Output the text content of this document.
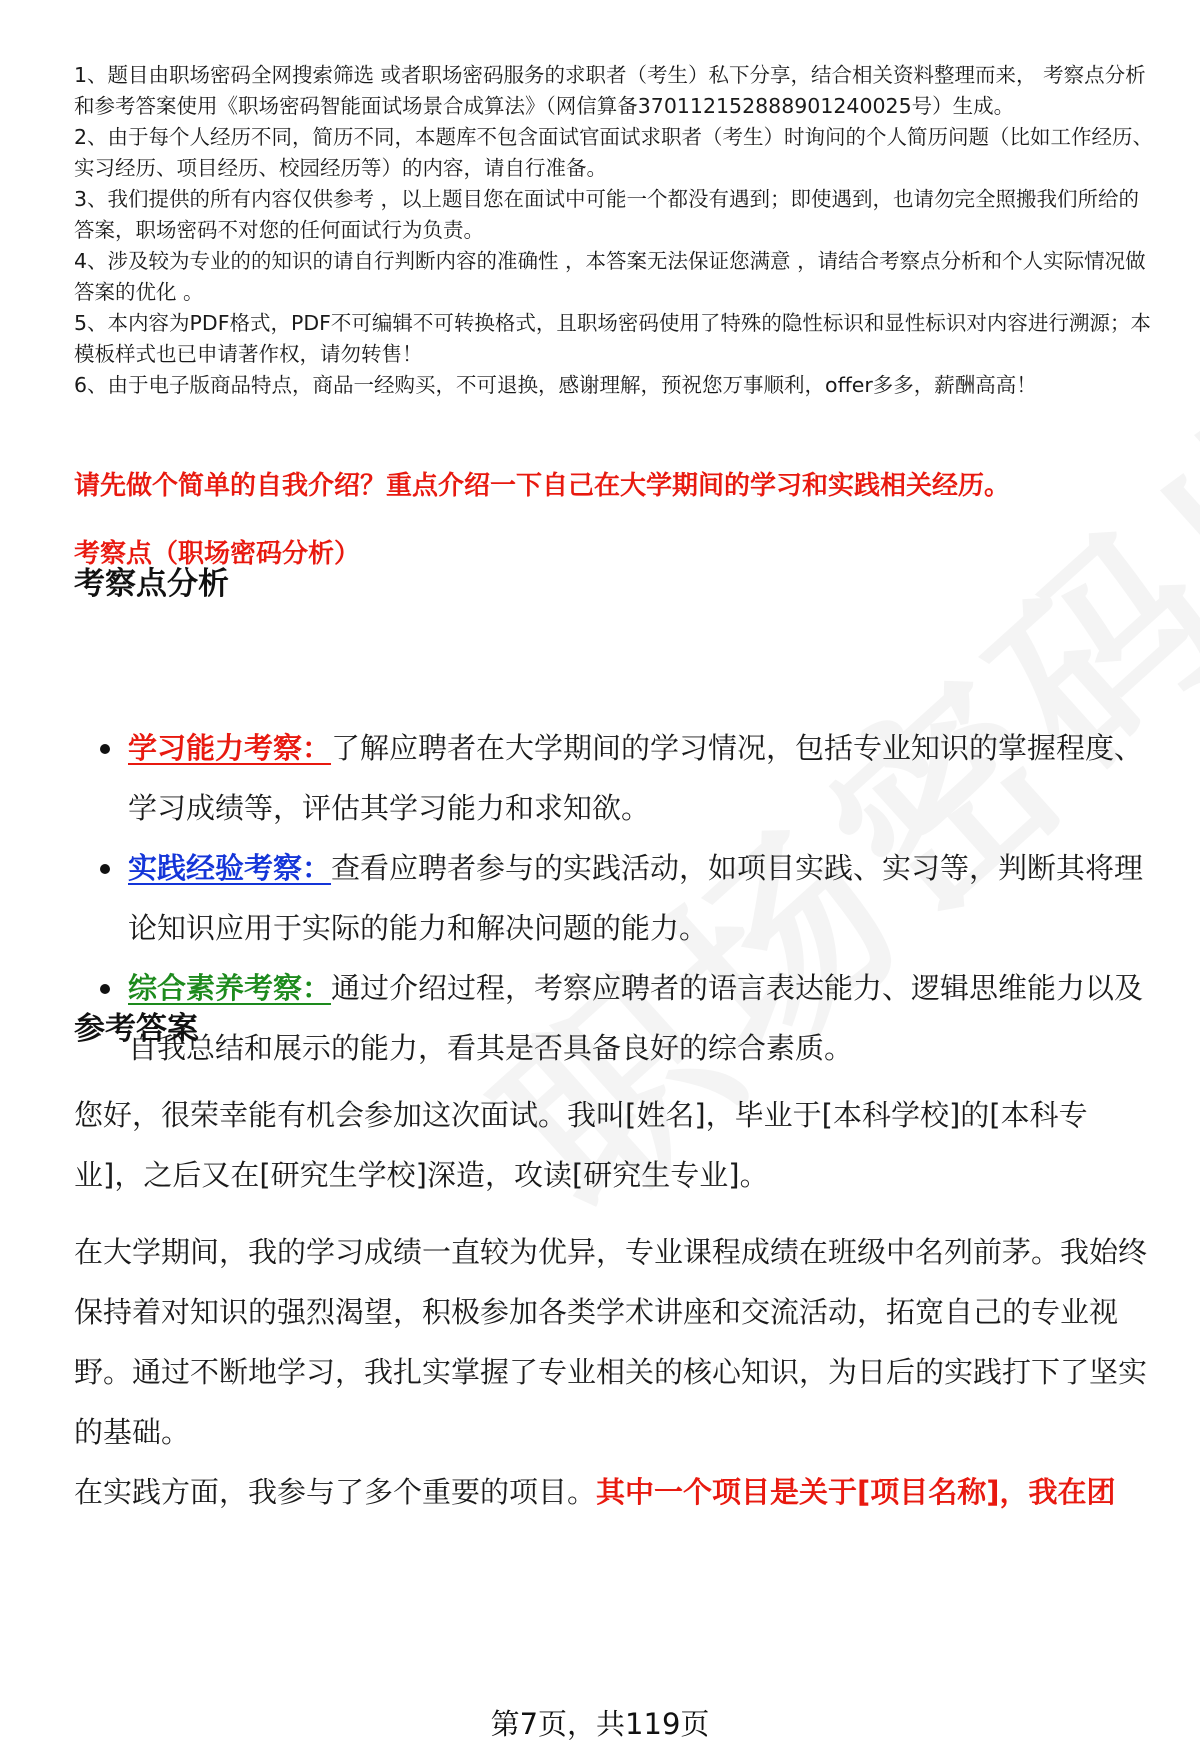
1、题目由职场密码全网搜索筛选 或者职场密码服务的求职者（考生）私下分享，结合相关资料整理而来， 考察点分析和参考答案使用《职场密码智能面试场景合成算法》（网信算备370112152888901240025号）生成。

2、由于每个人经历不同，简历不同，本题库不包含面试官面试求职者（考生）时询问的个人简历问题（比如工作经历、实习经历、项目经历、校园经历等）的内容，请自行准备。

3、我们提供的所有内容仅供参考 ，以上题目您在面试中可能一个都没有遇到；即使遇到，也请勿完全照搬我们所给的答案，职场密码不对您的任何面试行为负责。

4、涉及较为专业的的知识的请自行判断内容的准确性 ，本答案无法保证您满意 ，请结合考察点分析和个人实际情况做答案的优化 。

5、本内容为PDF格式，PDF不可编辑不可转换格式，且职场密码使用了特殊的隐性标识和显性标识对内容进行溯源；本模板样式也已申请著作权，请勿转售！

6、由于电子版商品特点，商品一经购买，不可退换，感谢理解，预祝您万事顺利，offer多多，薪酬高高！

请先做个简单的自我介绍？重点介绍一下自己在大学期间的学习和实践相关经历。
考察点（职场密码分析）
考察点分析
学习能力考察：了解应聘者在大学期间的学习情况，包括专业知识的掌握程度、学习成绩等，评估其学习能力和求知欲。
实践经验考察：查看应聘者参与的实践活动，如项目实践、实习等，判断其将理论知识应用于实际的能力和解决问题的能力。
综合素养考察：通过介绍过程，考察应聘者的语言表达能力、逻辑思维能力以及自我总结和展示的能力，看其是否具备良好的综合素质。
参考答案

您好，很荣幸能有机会参加这次面试。我叫[姓名]，毕业于[本科学校]的[本科专业]，之后又在[研究生学校]深造，攻读[研究生专业]。

在大学期间，我的学习成绩一直较为优异，专业课程成绩在班级中名列前茅。我始终保持着对知识的强烈渴望，积极参加各类学术讲座和交流活动，拓宽自己的专业视野。通过不断地学习，我扎实掌握了专业相关的核心知识，为日后的实践打下了坚实的基础。

在实践方面，我参与了多个重要的项目。其中一个项目是关于[项目名称]，我在团

第7页，共119页
